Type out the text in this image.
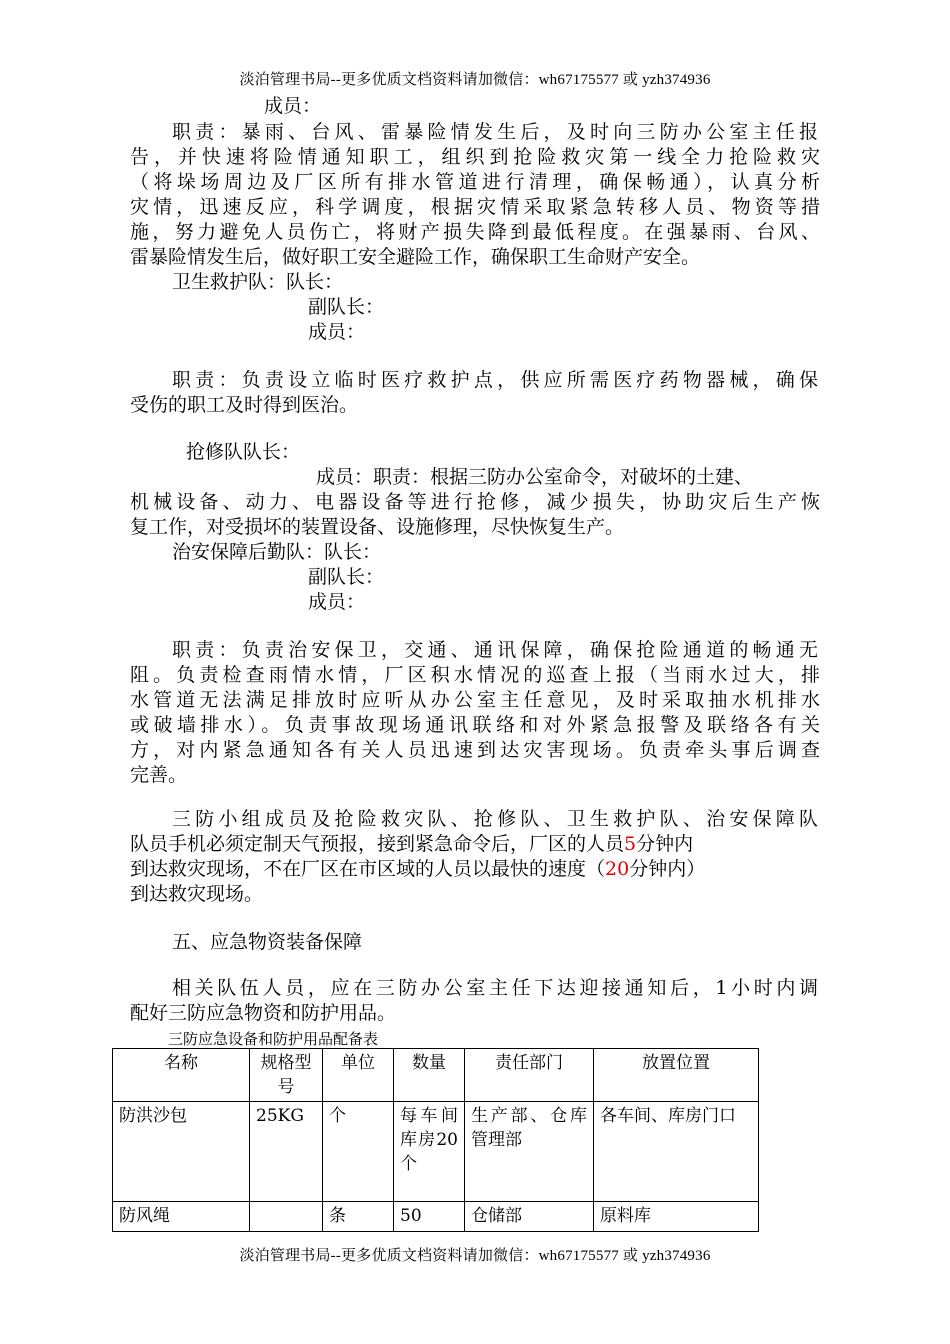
淡泊管理书局--更多优质文档资料请加微信：wh67175577 或 yzh374936
成员：
职责：暴雨、台风、雷暴险情发生后，及时向三防办公室主任报
告，并快速将险情通知职工，组织到抢险救灾第一线全力抢险救灾
（将垛场周边及厂区所有排水管道进行清理，确保畅通），认真分析
灾情，迅速反应，科学调度，根据灾情采取紧急转移人员、物资等措
施，努力避免人员伤亡，将财产损失降到最低程度。在强暴雨、台风、
雷暴险情发生后，做好职工安全避险工作，确保职工生命财产安全。
卫生救护队：队长：
副队长：
成员：
职责：负责设立临时医疗救护点，供应所需医疗药物器械，确保
受伤的职工及时得到医治。
抢修队队长：
成员：职责：根据三防办公室命令，对破坏的土建、
机械设备、动力、电器设备等进行抢修，减少损失，协助灾后生产恢
复工作，对受损坏的装置设备、设施修理，尽快恢复生产。
治安保障后勤队：队长：
副队长：
成员：
职责：负责治安保卫，交通、通讯保障，确保抢险通道的畅通无
阻。负责检查雨情水情，厂区积水情况的巡查上报（当雨水过大，排
水管道无法满足排放时应听从办公室主任意见，及时采取抽水机排水
或破墙排水）。负责事故现场通讯联络和对外紧急报警及联络各有关
方，对内紧急通知各有关人员迅速到达灾害现场。负责牵头事后调查
完善。
三防小组成员及抢险救灾队、抢修队、卫生救护队、治安保障队
队员手机必须定制天气预报，接到紧急命令后，厂区的人员5分钟内
到达救灾现场，不在厂区在市区域的人员以最快的速度（20分钟内）
到达救灾现场。
五、应急物资装备保障
相关队伍人员，应在三防办公室主任下达迎接通知后，1小时内调
配好三防应急物资和防护用品。
三防应急设备和防护用品配备表
名称	规格型号	单位	数量	责任部门	放置位置
防洪沙包	25KG	个	每车间库房20个	生产部、仓库管理部	各车间、库房门口
防风绳		条	50	仓储部	原料库
淡泊管理书局--更多优质文档资料请加微信：wh67175577 或 yzh374936
